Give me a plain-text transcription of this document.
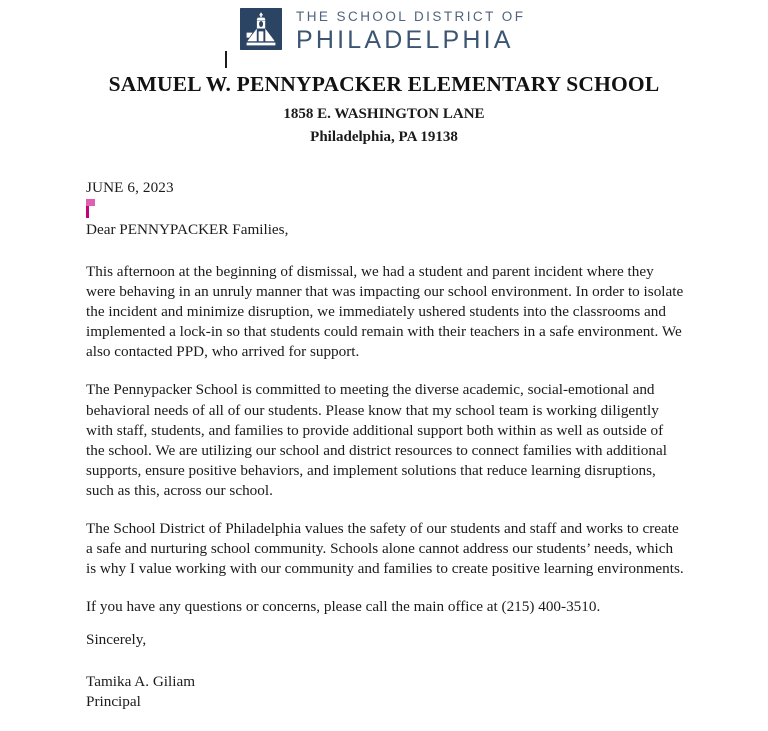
THE SCHOOL DISTRICT OF
PHILADELPHIA
SAMUEL W. PENNYPACKER ELEMENTARY SCHOOL
1858 E. WASHINGTON LANE
Philadelphia, PA 19138

JUNE 6, 2023

Dear PENNYPACKER Families,

This afternoon at the beginning of dismissal, we had a student and parent incident where they were behaving in an unruly manner that was impacting our school environment. In order to isolate the incident and minimize disruption, we immediately ushered students into the classrooms and implemented a lock-in so that students could remain with their teachers in a safe environment. We also contacted PPD, who arrived for support.

The Pennypacker School is committed to meeting the diverse academic, social-emotional and behavioral needs of all of our students. Please know that my school team is working diligently with staff, students, and families to provide additional support both within as well as outside of the school. We are utilizing our school and district resources to connect families with additional supports, ensure positive behaviors, and implement solutions that reduce learning disruptions, such as this, across our school.

The School District of Philadelphia values the safety of our students and staff and works to create a safe and nurturing school community. Schools alone cannot address our students’ needs, which is why I value working with our community and families to create positive learning environments.

If you have any questions or concerns, please call the main office at (215) 400-3510.

Sincerely,

Tamika A. Giliam

Principal
